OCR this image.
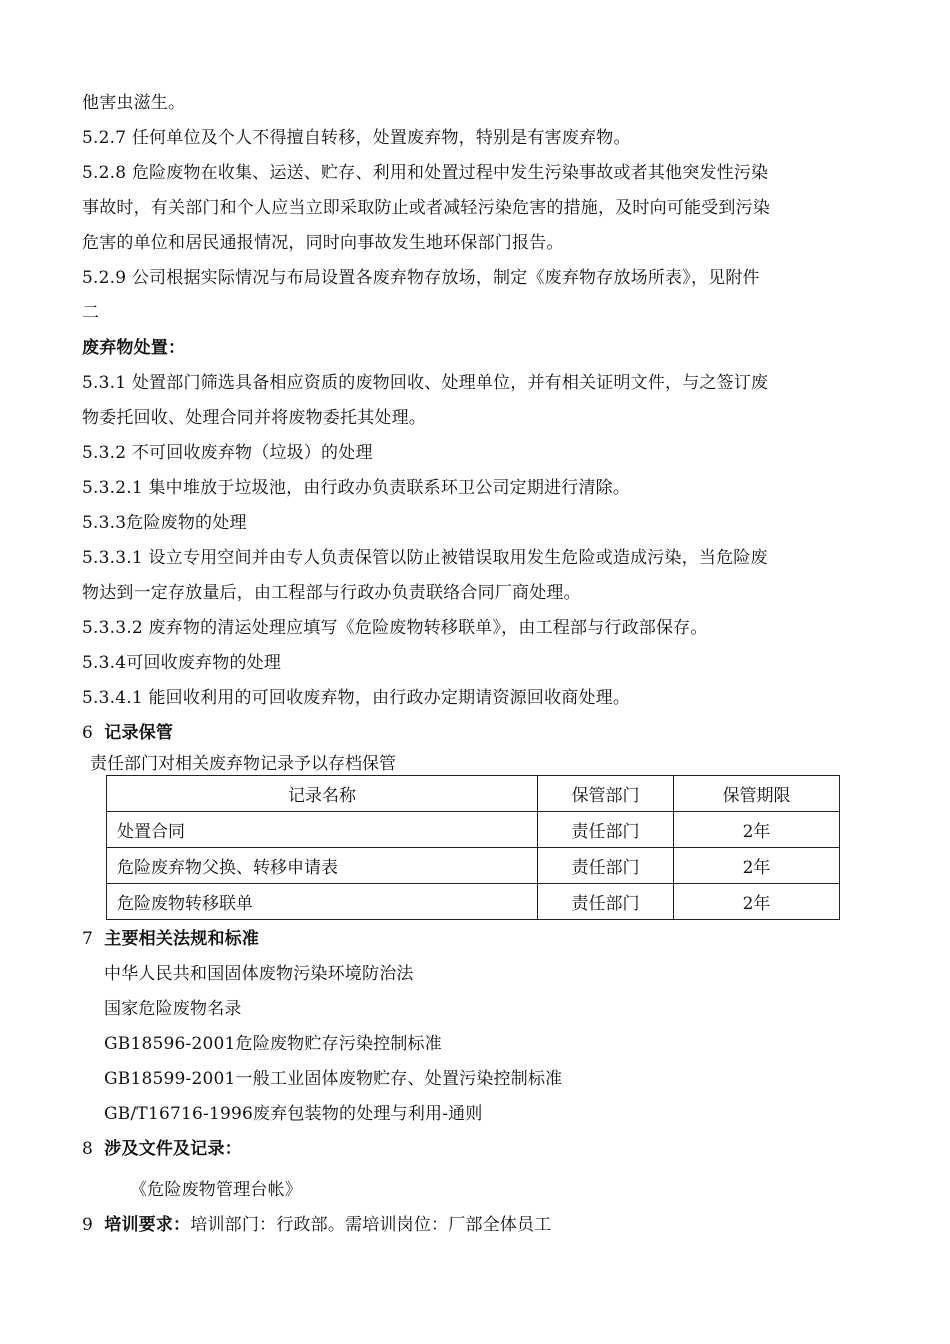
他害虫滋生。
5.2.7 任何单位及个人不得擅自转移，处置废弃物，特别是有害废弃物。
5.2.8 危险废物在收集、运送、贮存、利用和处置过程中发生污染事故或者其他突发性污染
事故时，有关部门和个人应当立即采取防止或者减轻污染危害的措施，及时向可能受到污染
危害的单位和居民通报情况，同时向事故发生地环保部门报告。
5.2.9 公司根据实际情况与布局设置各废弃物存放场，制定《废弃物存放场所表》，见附件
二
废弃物处置：
5.3.1 处置部门筛选具备相应资质的废物回收、处理单位，并有相关证明文件，与之签订废
物委托回收、处理合同并将废物委托其处理。
5.3.2 不可回收废弃物（垃圾）的处理
5.3.2.1 集中堆放于垃圾池，由行政办负责联系环卫公司定期进行清除。
5.3.3危险废物的处理
5.3.3.1 设立专用空间并由专人负责保管以防止被错误取用发生危险或造成污染，当危险废
物达到一定存放量后，由工程部与行政办负责联络合同厂商处理。
5.3.3.2 废弃物的清运处理应填写《危险废物转移联单》，由工程部与行政部保存。
5.3.4可回收废弃物的处理
5.3.4.1 能回收利用的可回收废弃物，由行政办定期请资源回收商处理。
6 记录保管
责任部门对相关废弃物记录予以存档保管
记录名称	保管部门	保管期限
处置合同	责任部门	2年
危险废弃物父换、转移申请表	责任部门	2年
危险废物转移联单	责任部门	2年
7 主要相关法规和标准
中华人民共和国固体废物污染环境防治法
国家危险废物名录
GB18596-2001危险废物贮存污染控制标准
GB18599-2001一般工业固体废物贮存、处置污染控制标准
GB/T16716-1996废弃包装物的处理与利用-通则
8 涉及文件及记录：
《危险废物管理台帐》
9 培训要求：培训部门：行政部。需培训岗位：厂部全体员工
